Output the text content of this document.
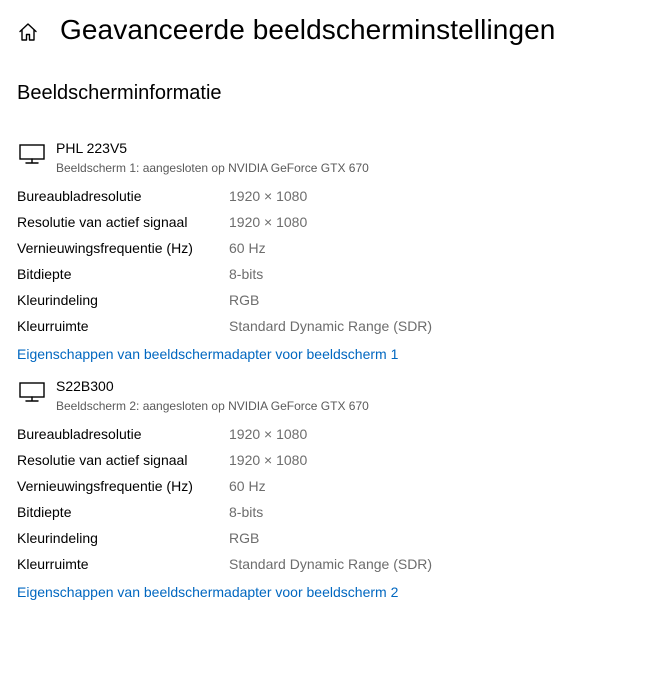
Geavanceerde beeldscherminstellingen
Beeldscherminformatie
PHL 223V5
Beeldscherm 1: aangesloten op NVIDIA GeForce GTX 670
Bureaubladresolutie	1920 × 1080
Resolutie van actief signaal	1920 × 1080
Vernieuwingsfrequentie (Hz)	60 Hz
Bitdiepte	8-bits
Kleurindeling	RGB
Kleurruimte	Standard Dynamic Range (SDR)
Eigenschappen van beeldschermadapter voor beeldscherm 1
S22B300
Beeldscherm 2: aangesloten op NVIDIA GeForce GTX 670
Bureaubladresolutie	1920 × 1080
Resolutie van actief signaal	1920 × 1080
Vernieuwingsfrequentie (Hz)	60 Hz
Bitdiepte	8-bits
Kleurindeling	RGB
Kleurruimte	Standard Dynamic Range (SDR)
Eigenschappen van beeldschermadapter voor beeldscherm 2
